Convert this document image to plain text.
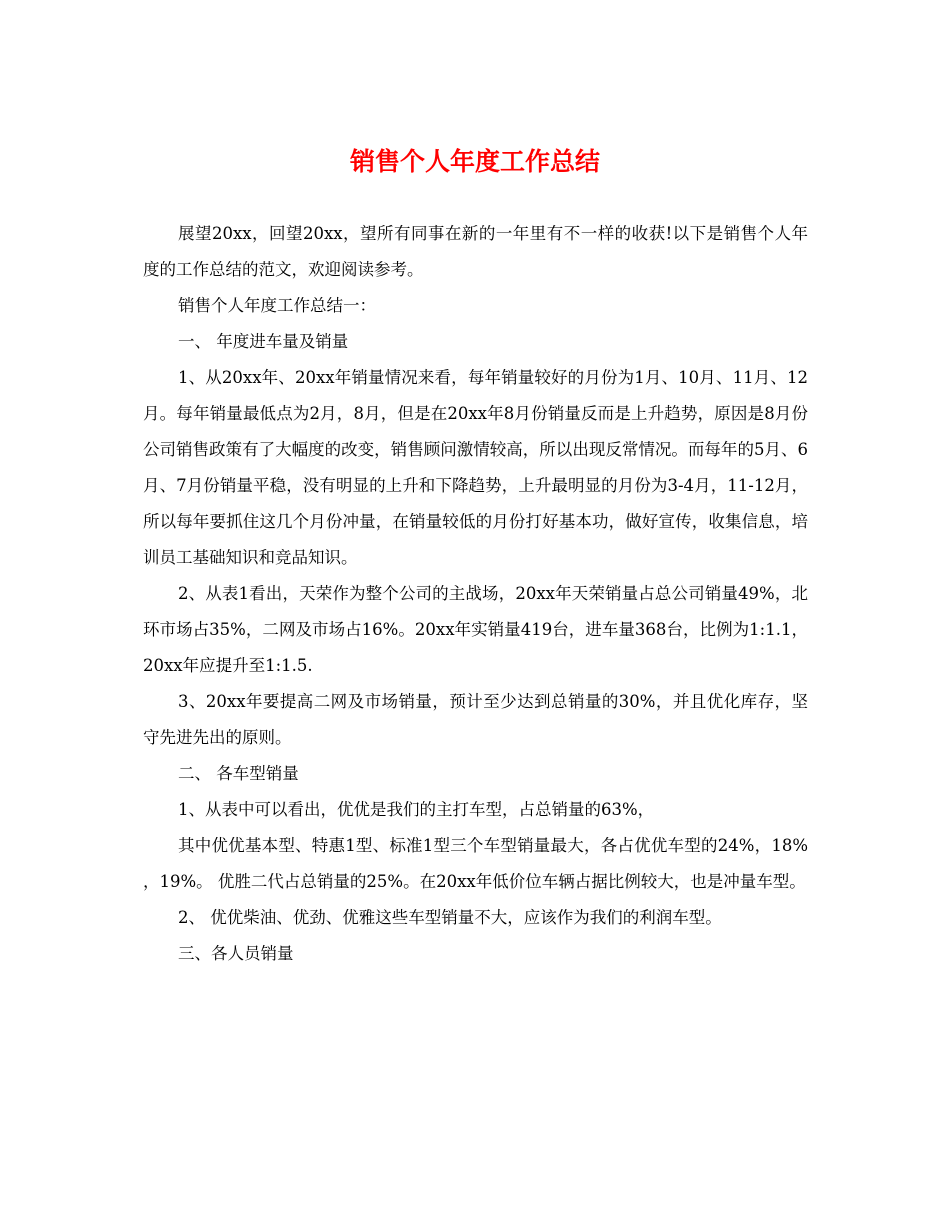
销售个人年度工作总结

展望20xx，回望20xx，望所有同事在新的一年里有不一样的收获!以下是销售个人年度的工作总结的范文，欢迎阅读参考。

销售个人年度工作总结一：

一、 年度进车量及销量

1、从20xx年、20xx年销量情况来看，每年销量较好的月份为1月、10月、11月、12月。每年销量最低点为2月，8月，但是在20xx年8月份销量反而是上升趋势，原因是8月份公司销售政策有了大幅度的改变，销售顾问激情较高，所以出现反常情况。而每年的5月、6月、7月份销量平稳，没有明显的上升和下降趋势，上升最明显的月份为3-4月，11-12月，所以每年要抓住这几个月份冲量，在销量较低的月份打好基本功，做好宣传，收集信息，培训员工基础知识和竞品知识。

2、从表1看出，天荣作为整个公司的主战场，20xx年天荣销量占总公司销量49%，北环市场占35%，二网及市场占16%。20xx年实销量419台，进车量368台，比例为1:1.1，20xx年应提升至1:1.5.

3、20xx年要提高二网及市场销量，预计至少达到总销量的30%，并且优化库存，坚守先进先出的原则。

二、 各车型销量

1、从表中可以看出，优优是我们的主打车型，占总销量的63%，

其中优优基本型、特惠1型、标准1型三个车型销量最大，各占优优车型的24%，18%，19%。 优胜二代占总销量的25%。在20xx年低价位车辆占据比例较大，也是冲量车型。

2、 优优柴油、优劲、优雅这些车型销量不大，应该作为我们的利润车型。

三、各人员销量
